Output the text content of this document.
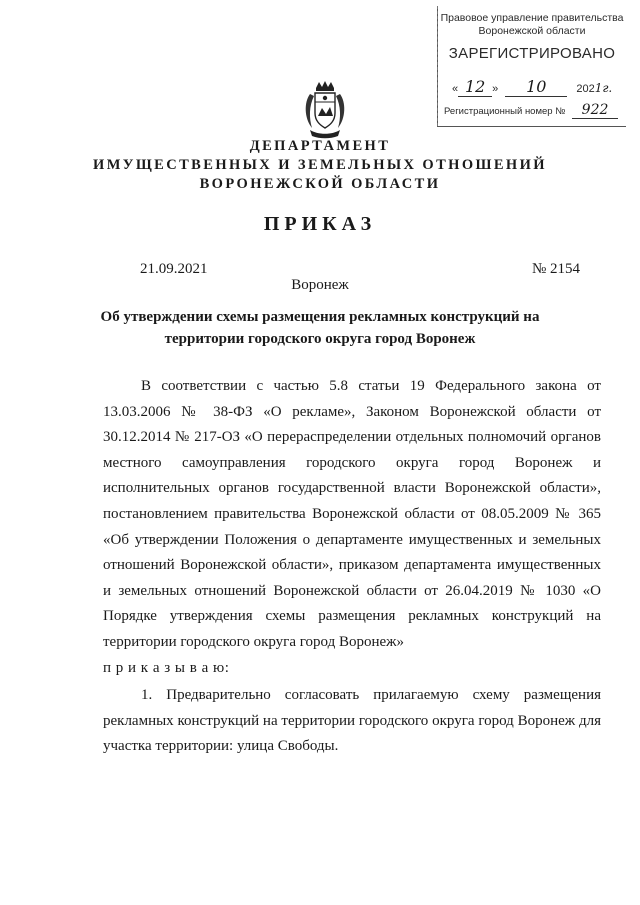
Правовое управление правительства
Воронежской области
ЗАРЕГИСТРИРОВАНО
« 12 » 10	2021г.
Регистрационный номер № 922
ДЕПАРТАМЕНТ
ИМУЩЕСТВЕННЫХ И ЗЕМЕЛЬНЫХ ОТНОШЕНИЙ
ВОРОНЕЖСКОЙ ОБЛАСТИ
ПРИКАЗ
21.09.2021	№ 2154
Воронеж
Об утверждении схемы размещения рекламных конструкций на
территории городского округа город Воронеж

В соответствии с частью 5.8 статьи 19 Федерального закона от 13.03.2006 № 38-ФЗ «О рекламе», Законом Воронежской области от 30.12.2014 № 217-ОЗ «О перераспределении отдельных полномочий органов местного самоуправления городского округа город Воронеж и исполнительных органов государственной власти Воронежской области», постановлением правительства Воронежской области от 08.05.2009 № 365 «Об утверждении Положения о департаменте имущественных и земельных отношений Воронежской области», приказом департамента имущественных и земельных отношений Воронежской области от 26.04.2019 № 1030 «О Порядке утверждения схемы размещения рекламных конструкций на территории городского округа город Воронеж»

п р и к а з ы в а ю:

1. Предварительно согласовать прилагаемую схему размещения рекламных конструкций на территории городского округа город Воронеж для участка территории: улица Свободы.
